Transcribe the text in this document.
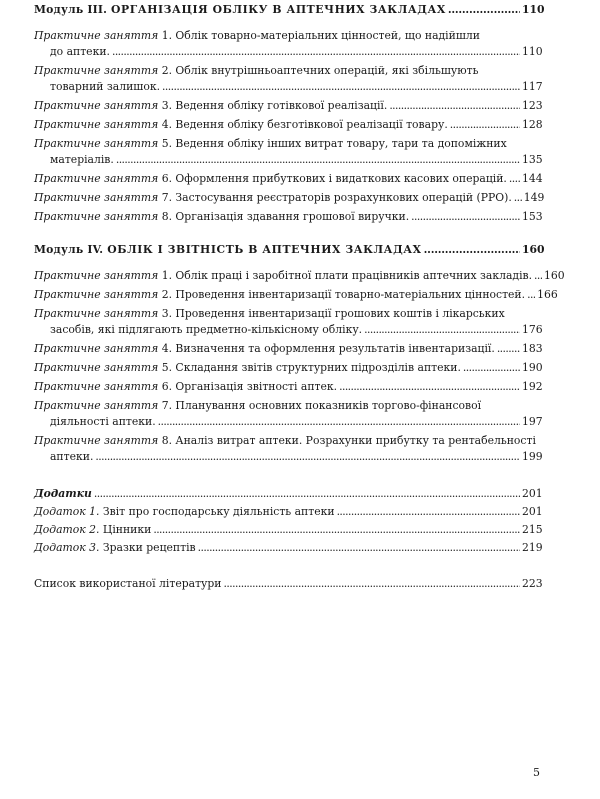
Модуль III. ОРГАНІЗАЦІЯ ОБЛІКУ В АПТЕЧНИХ ЗАКЛАДАХ . . .	110
Практичне заняття 1. Облік товарно-матеріальних цінностей, що надійшли
до аптеки. . . .	110
Практичне заняття 2. Облік внутрішньоаптечних операцій, які збільшують
товарний залишок. . . .	117
Практичне заняття 3. Ведення обліку готівкової реалізації. . . .	123
Практичне заняття 4. Ведення обліку безготівкової реалізації товару. . . .	128
Практичне заняття 5. Ведення обліку інших витрат товару, тари та допоміжних
матеріалів. . . .	135
Практичне заняття 6. Оформлення прибуткових і видаткових касових операцій. . . . 144
Практичне заняття 7. Застосування реєстраторів розрахункових операцій (РРО). . . . 149
Практичне заняття 8. Організація здавання грошової виручки. . . .	153
Модуль IV. ОБЛІК І ЗВІТНІСТЬ В АПТЕЧНИХ ЗАКЛАДАХ . . .	160
Практичне заняття 1. Облік праці і заробітної плати працівників аптечних закладів. . . . 160
Практичне заняття 2. Проведення інвентаризації товарно-матеріальних цінностей. . . . 166
Практичне заняття 3. Проведення інвентаризації грошових коштів і лікарських
засобів, які підлягають предметно-кількісному обліку. . . .	176
Практичне заняття 4. Визначення та оформлення результатів інвентаризації. . . .	183
Практичне заняття 5. Складання звітів структурних підрозділів аптеки. . . .	190
Практичне заняття 6. Організація звітності аптек. . . .	192
Практичне заняття 7. Планування основних показників торгово-фінансової
діяльності аптеки. . . .	197
Практичне заняття 8. Аналіз витрат аптеки. Розрахунки прибутку та рентабельності
аптеки. . . .	199
Додатки . . .	201
Додаток 1. Звіт про господарську діяльність аптеки . . .	201
Додаток 2. Цінники . . .	215
Додаток 3. Зразки рецептів . . .	219
Список використаної літератури . . .	223
5
